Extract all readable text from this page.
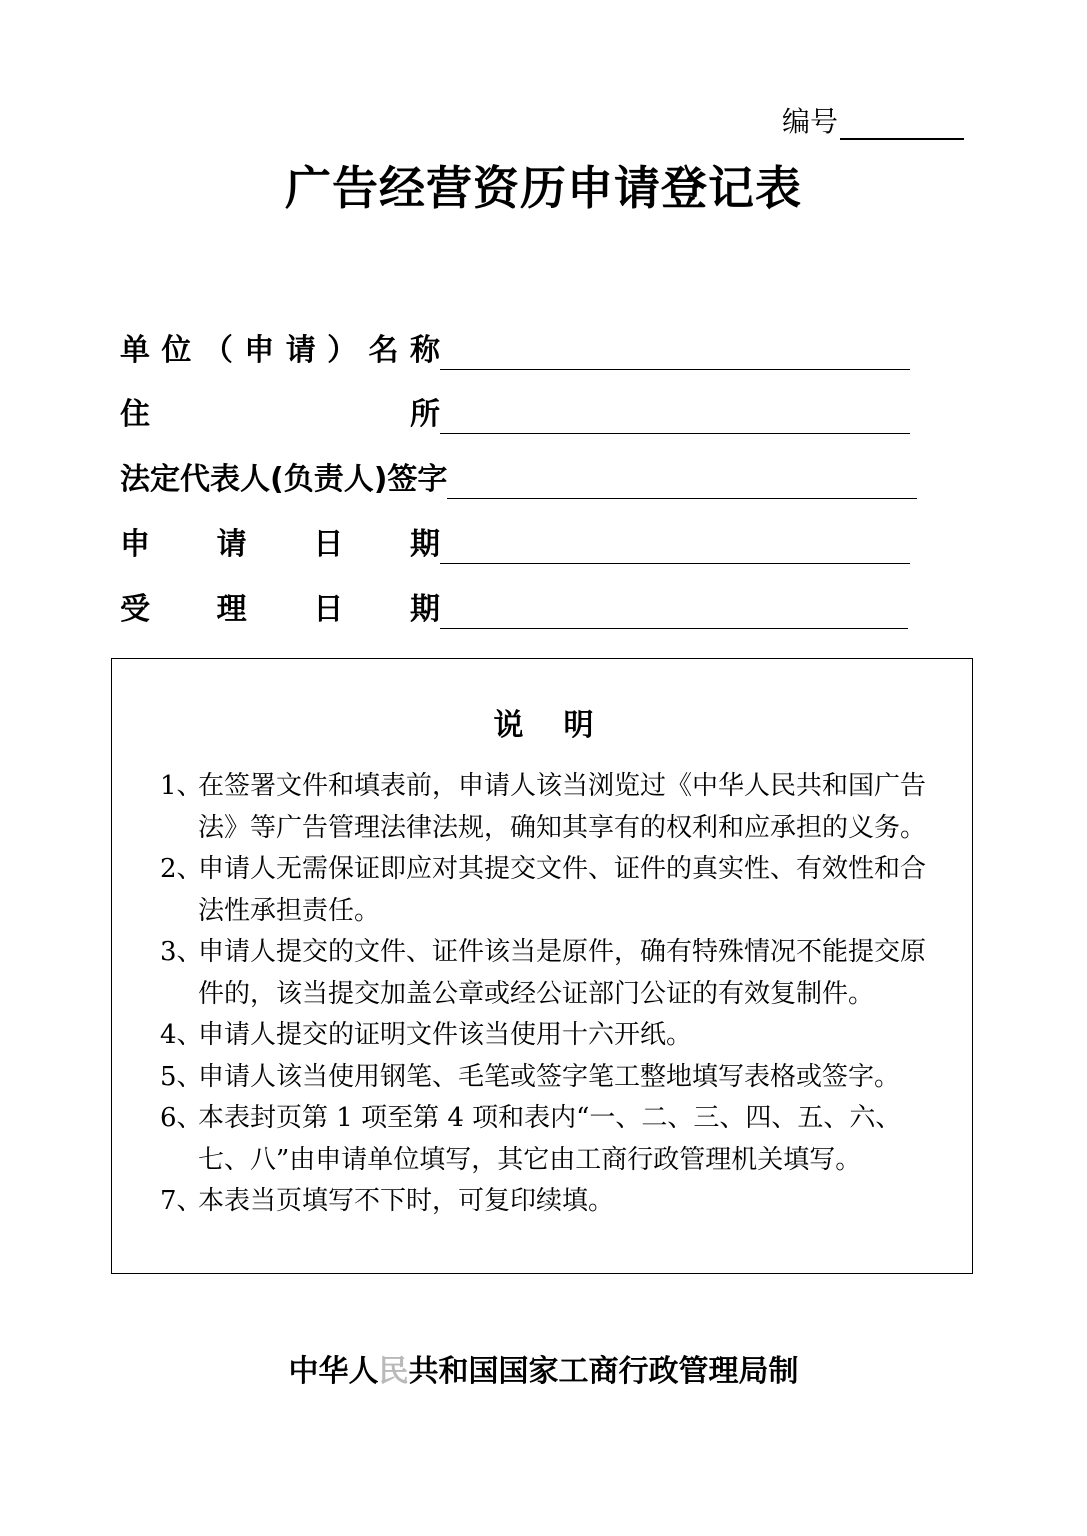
编号
广告经营资历申请登记表
单 位 （ 申 请 ） 名 称
住	所
法定代表人(负责人)签字
申 请 日 期
受 理 日 期
说明

1、
在签署文件和填表前，申请人该当浏览过《中华人民共和国广告法》等广告管理法律法规，确知其享有的权利和应承担的义务。

2、
申请人无需保证即应对其提交文件、证件的真实性、有效性和合法性承担责任。

3、
申请人提交的文件、证件该当是原件，确有特殊情况不能提交原件的，该当提交加盖公章或经公证部门公证的有效复制件。

4、
申请人提交的证明文件该当使用十六开纸。

5、
申请人该当使用钢笔、毛笔或签字笔工整地填写表格或签字。

6、
本表封页第 1 项至第 4 项和表内“一、二、三、四、五、六、七、八”由申请单位填写，其它由工商行政管理机关填写。

7、
本表当页填写不下时，可复印续填。

中华人民共和国国家工商行政管理局制
